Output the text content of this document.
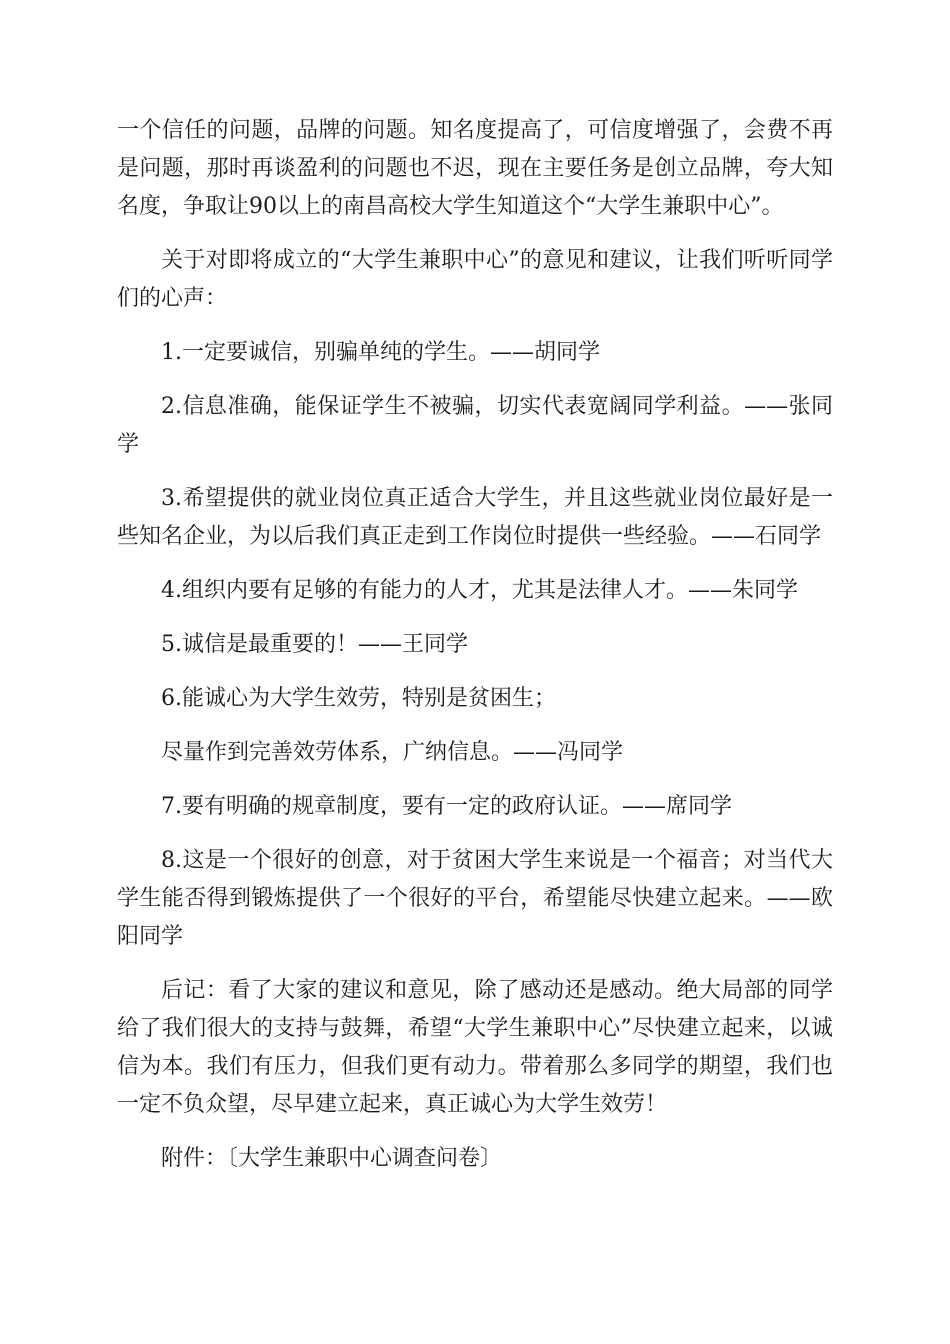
一个信任的问题，品牌的问题。知名度提高了，可信度增强了，会费不再是问题，那时再谈盈利的问题也不迟，现在主要任务是创立品牌，夸大知名度，争取让90以上的南昌高校大学生知道这个“大学生兼职中心”。

关于对即将成立的“大学生兼职中心”的意见和建议，让我们听听同学们的心声：

1.一定要诚信，别骗单纯的学生。——胡同学

2.信息准确，能保证学生不被骗，切实代表宽阔同学利益。——张同学

3.希望提供的就业岗位真正适合大学生，并且这些就业岗位最好是一些知名企业，为以后我们真正走到工作岗位时提供一些经验。——石同学

4.组织内要有足够的有能力的人才，尤其是法律人才。——朱同学

5.诚信是最重要的！——王同学

6.能诚心为大学生效劳，特别是贫困生；

尽量作到完善效劳体系，广纳信息。——冯同学

7.要有明确的规章制度，要有一定的政府认证。——席同学

8.这是一个很好的创意，对于贫困大学生来说是一个福音；对当代大学生能否得到锻炼提供了一个很好的平台，希望能尽快建立起来。——欧阳同学

后记：看了大家的建议和意见，除了感动还是感动。绝大局部的同学给了我们很大的支持与鼓舞，希望“大学生兼职中心”尽快建立起来，以诚信为本。我们有压力，但我们更有动力。带着那么多同学的期望，我们也一定不负众望，尽早建立起来，真正诚心为大学生效劳！

附件：〔大学生兼职中心调查问卷〕
